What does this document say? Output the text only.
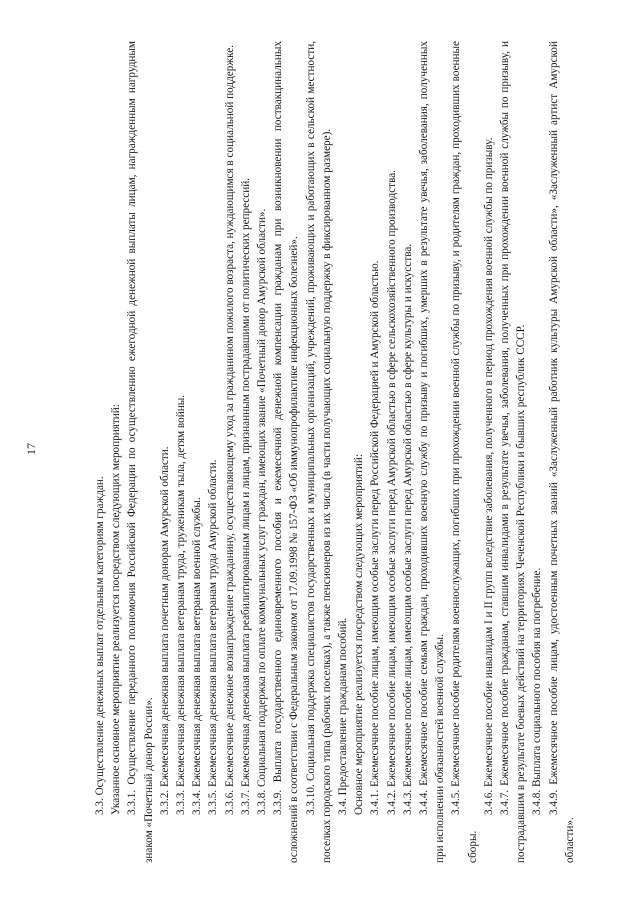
17

3.3. Осуществление денежных выплат отдельным категориям граждан. Указанное основное мероприятие реализуется посредством следующих мероприятий: 3.3.1. Осуществление переданного полномочия Российской Федерации по осуществлению ежегодной денежной выплаты лицам, награжденным нагрудным знаком «Почетный донор России». 3.3.2. Ежемесячная денежная выплата почетным донорам Амурской области. 3.3.3. Ежемесячная денежная выплата ветеранам труда, труженикам тыла, детям войны. 3.3.4. Ежемесячная денежная выплата ветеранам военной службы. 3.3.5. Ежемесячная денежная выплата ветеранам труда Амурской области. 3.3.6. Ежемесячное денежное вознаграждение гражданину, осуществляющему уход за гражданином пожилого возраста, нуждающимся в социальной поддержке. 3.3.7. Ежемесячная денежная выплата реабилитированным лицам и лицам, признанным пострадавшими от политических репрессий. 3.3.8. Социальная поддержка по оплате коммунальных услуг граждан, имеющих звание «Почетный донор Амурской области». 3.3.9. Выплата государственного единовременного пособия и ежемесячной денежной компенсации гражданам при возникновении поствакцинальных осложнений в соответствии с Федеральным законом от 17.09.1998 № 157-ФЗ «Об иммунопрофилактике инфекционных болезней». 3.3.10. Социальная поддержка специалистов государственных и муниципальных организаций, учреждений, проживающих и работающих в сельской местности, поселках городского типа (рабочих поселках), а также пенсионеров из их числа (в части получающих социальную поддержку в фиксированном размере). 3.4. Предоставление гражданам пособий. Основное мероприятие реализуется посредством следующих мероприятий: 3.4.1. Ежемесячное пособие лицам, имеющим особые заслуги перед Российской Федерацией и Амурской областью. 3.4.2. Ежемесячное пособие лицам, имеющим особые заслуги перед Амурской областью в сфере сельскохозяйственного производства. 3.4.3. Ежемесячное пособие лицам, имеющим особые заслуги перед Амурской областью в сфере культуры и искусства. 3.4.4. Ежемесячное пособие семьям граждан, проходивших военную службу по призыву и погибших, умерших в результате увечья, заболевания, полученных при исполнении обязанностей военной службы. 3.4.5. Ежемесячное пособие родителям военнослужащих, погибших при прохождении военной службы по призыву, и родителям граждан, проходивших военные сборы.

3.4.6. Ежемесячное пособие инвалидам I и II групп вследствие заболевания, полученного в период прохождения военной службы по призыву. 3.4.7. Ежемесячное пособие гражданам, ставшим инвалидами в результате увечья, заболевания, полученных при прохождении военной службы по призыву, и пострадавшим в результате боевых действий на территориях Чеченской Республики и бывших республик СССР. 3.4.8. Выплата социального пособия на погребение. 3.4.9. Ежемесячное пособие лицам, удостоенным почетных званий «Заслуженный работник культуры Амурской области», «Заслуженный артист Амурской области».
